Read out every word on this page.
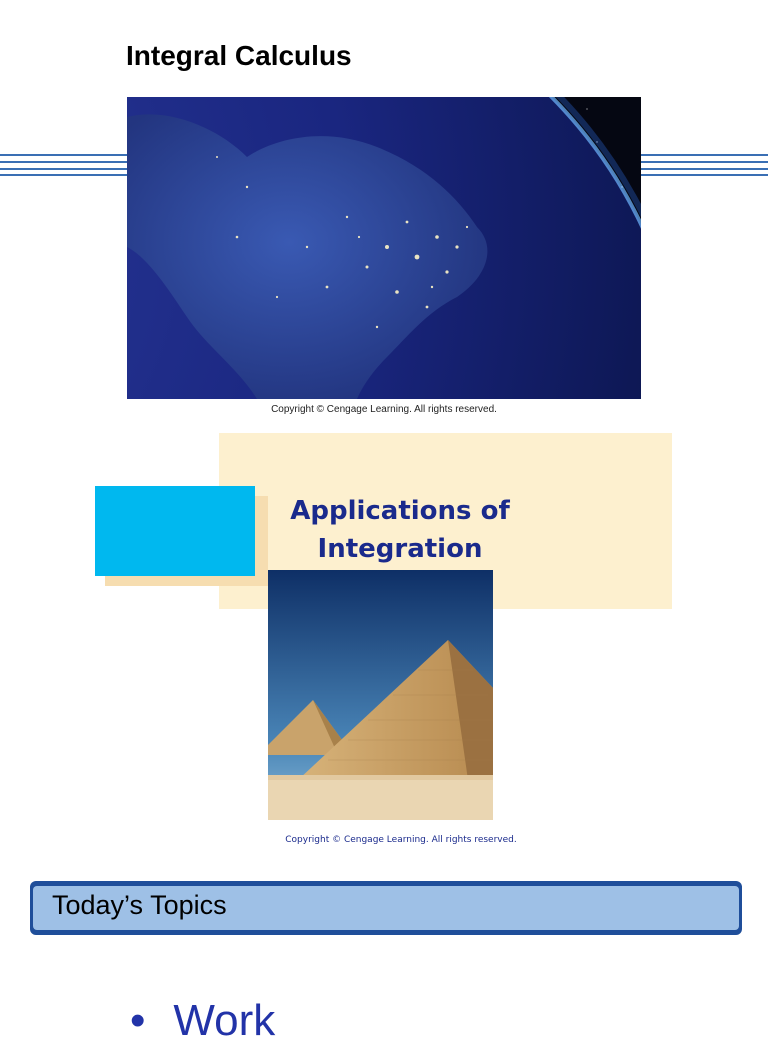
Integral Calculus
Copyright © Cengage Learning. All rights reserved.
Applications of
Integration
Copyright © Cengage Learning. All rights reserved.
Today’s Topics
• Work
